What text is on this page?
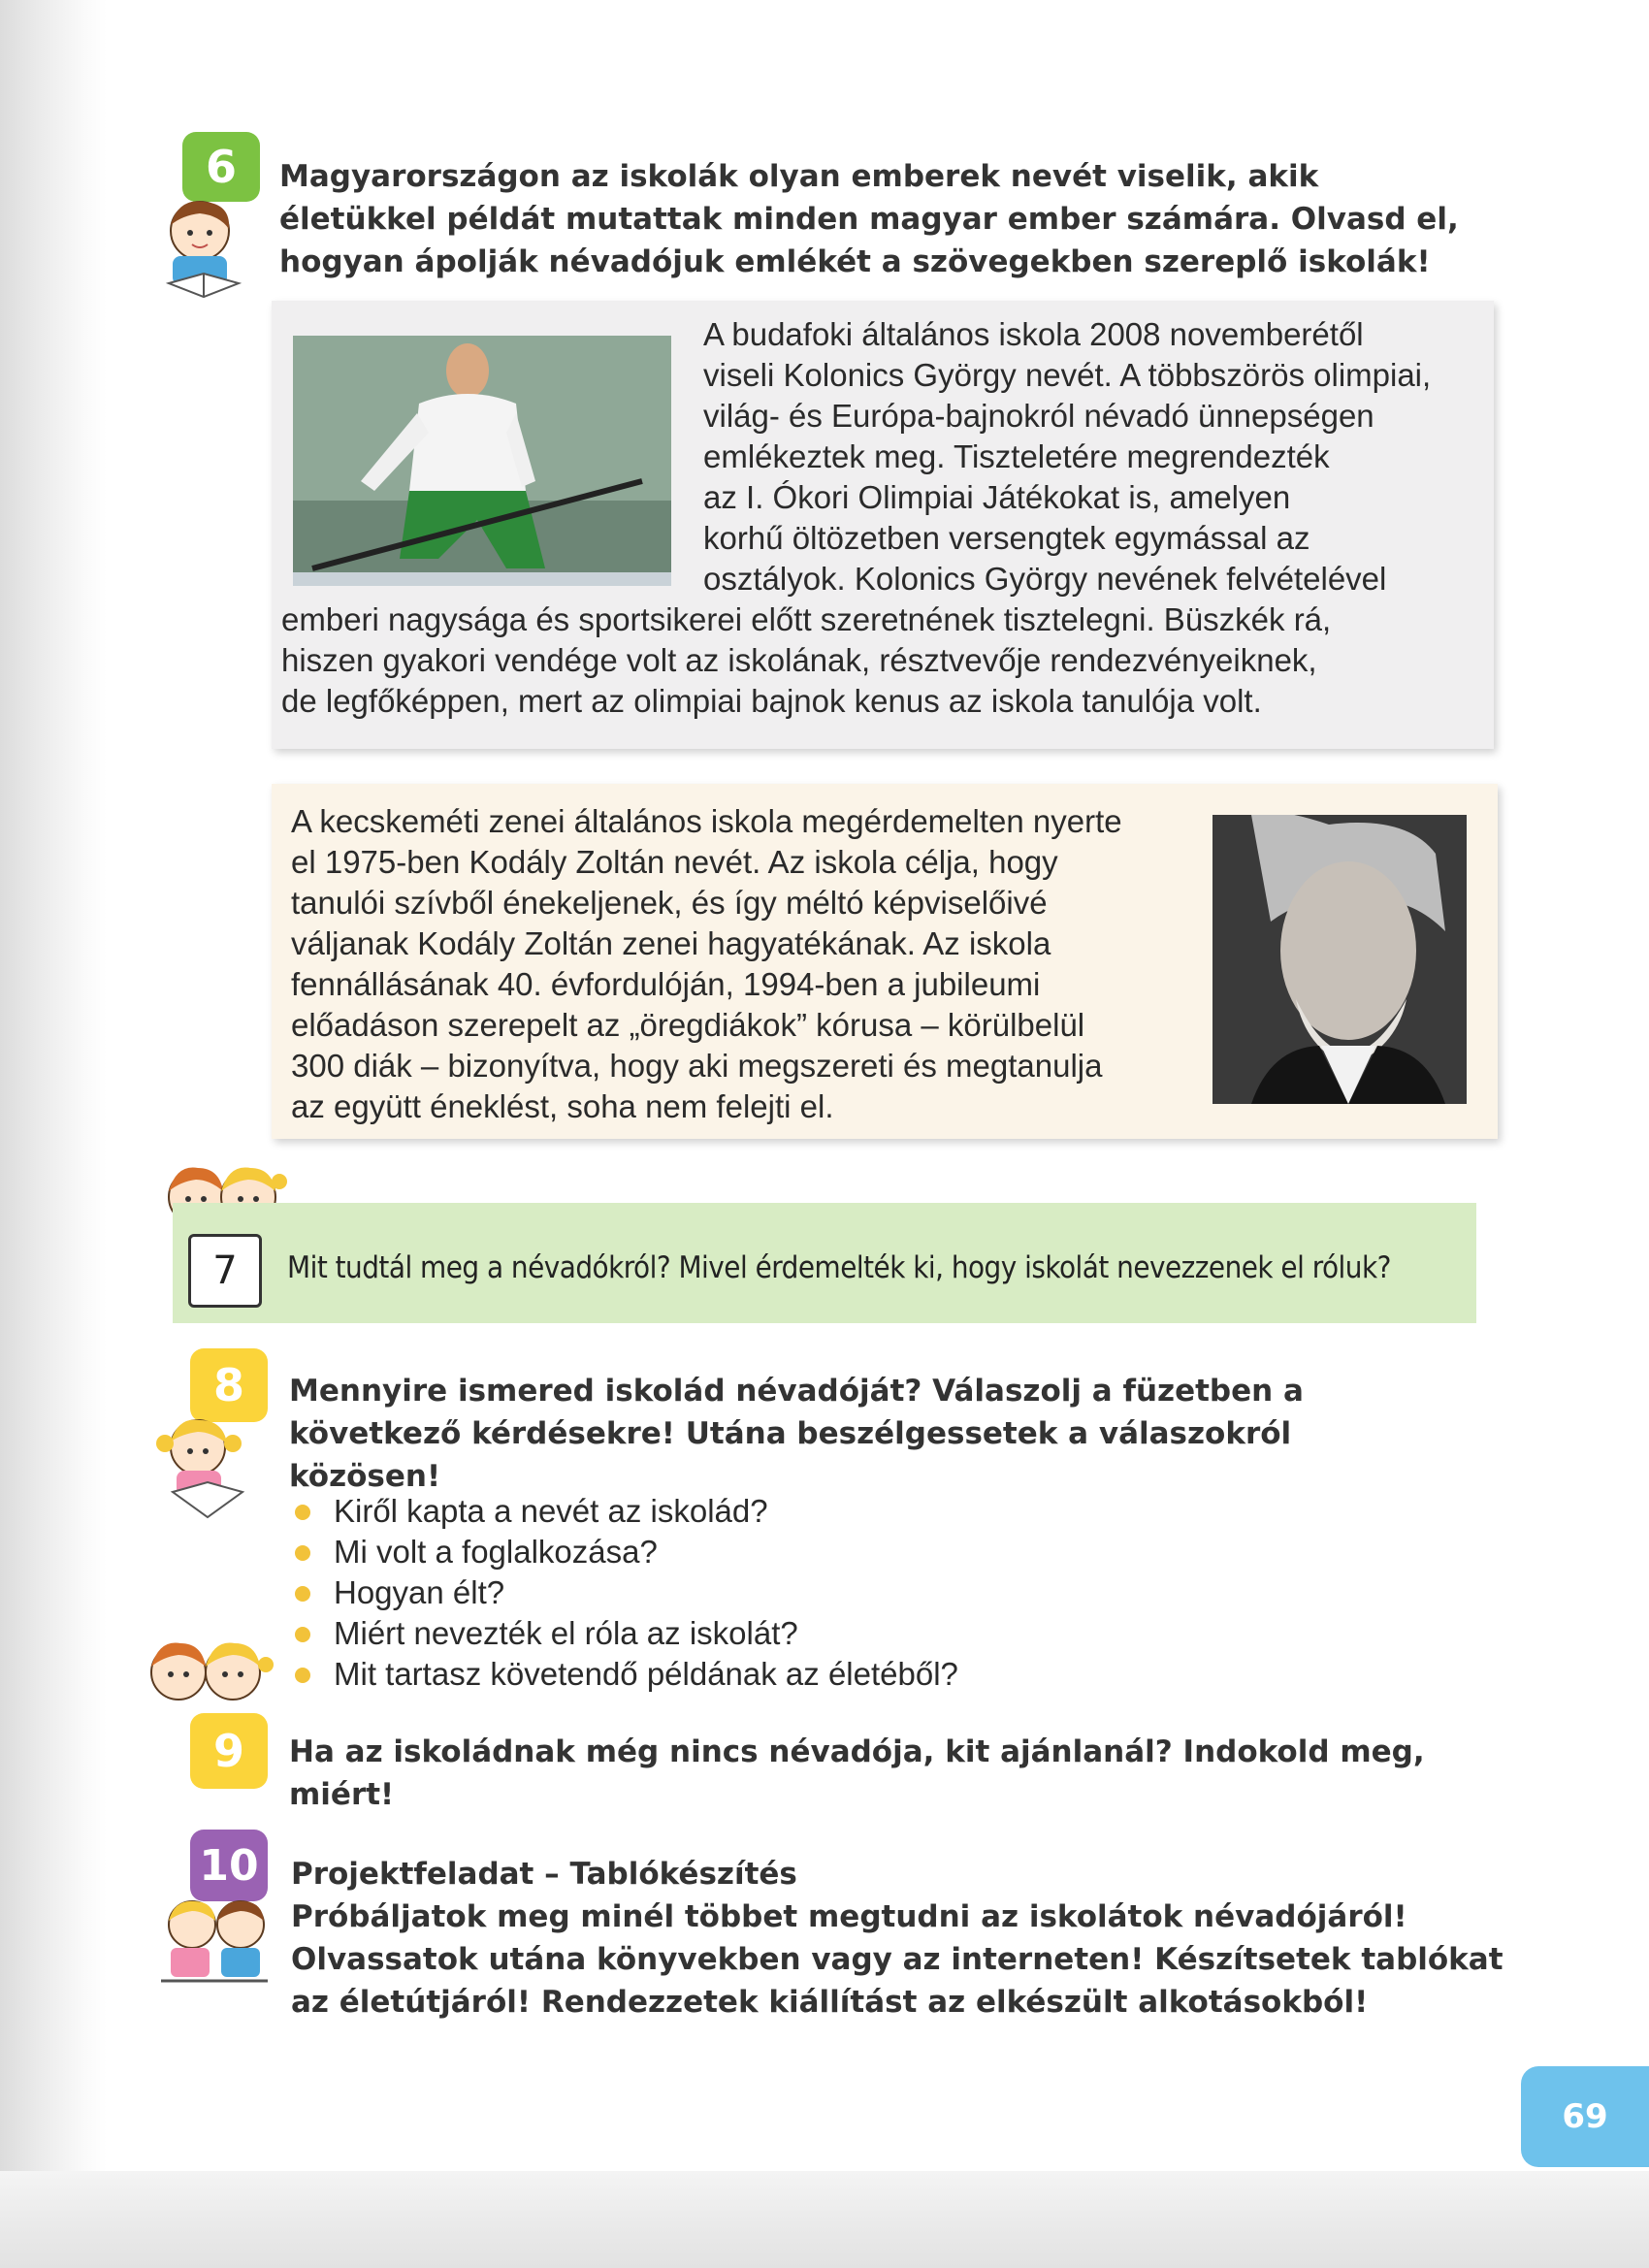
6 Magyarországon az iskolák olyan emberek nevét viselik, akik életükkel példát mutattak minden magyar ember számára. Olvasd el, hogyan ápolják névadójuk emlékét a szövegekben szereplő iskolák!
A budafoki általános iskola 2008 novemberétől
viseli Kolonics György nevét. A többszörös olimpiai,
világ- és Európa-bajnokról névadó ünnepségen
emlékeztek meg. Tiszteletére megrendezték
az I. Ókori Olimpiai Játékokat is, amelyen
korhű öltözetben versengtek egymással az
osztályok. Kolonics György nevének felvételével
emberi nagysága és sportsikerei előtt szeretnének tisztelegni. Büszkék rá,
hiszen gyakori vendége volt az iskolának, résztvevője rendezvényeiknek,
de legfőképpen, mert az olimpiai bajnok kenus az iskola tanulója volt.
A kecskeméti zenei általános iskola megérdemelten nyerte
el 1975-ben Kodály Zoltán nevét. Az iskola célja, hogy
tanulói szívből énekeljenek, és így méltó képviselőivé
váljanak Kodály Zoltán zenei hagyatékának. Az iskola
fennállásának 40. évfordulóján, 1994-ben a jubileumi
előadáson szerepelt az „öregdiákok” kórusa – körülbelül
300 diák – bizonyítva, hogy aki megszereti és megtanulja
az együtt éneklést, soha nem felejti el.
7 Mit tudtál meg a névadókról? Mivel érdemelték ki, hogy iskolát nevezzenek el róluk?
8 Mennyire ismered iskolád névadóját? Válaszolj a füzetben a következő kérdésekre! Utána beszélgessetek a válaszokról közösen!
Kiről kapta a nevét az iskolád?
Mi volt a foglalkozása?
Hogyan élt?
Miért nevezték el róla az iskolát?
Mit tartasz követendő példának az életéből?
9 Ha az iskoládnak még nincs névadója, kit ajánlanál? Indokold meg, miért!
10 Projektfeladat – Tablókészítés
Próbáljatok meg minél többet megtudni az iskolátok névadójáról!
Olvassatok utána könyvekben vagy az interneten! Készítsetek tablókat
az életútjáról! Rendezzetek kiállítást az elkészült alkotásokból!
69
